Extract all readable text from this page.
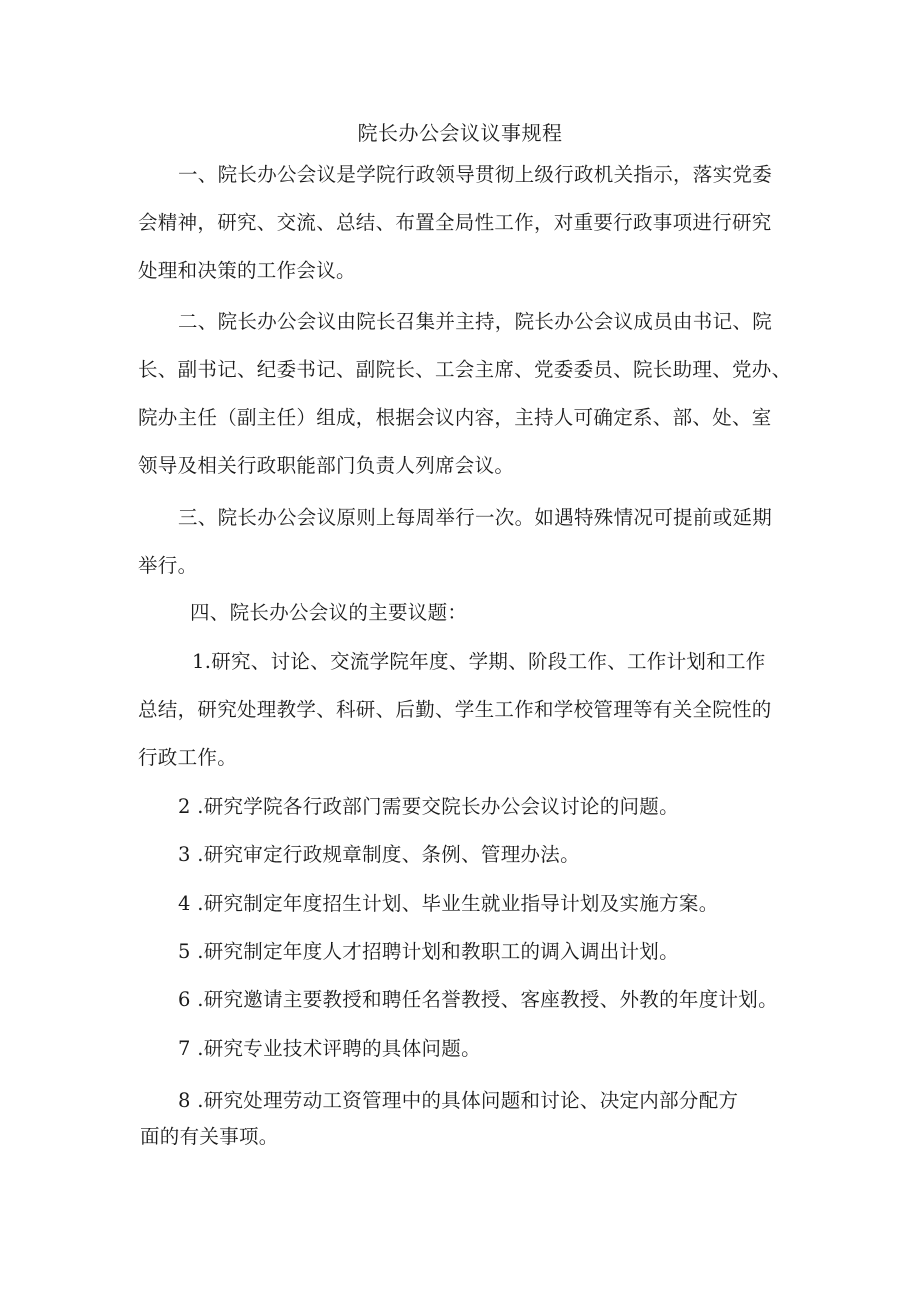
院长办公会议议事规程

一、院长办公会议是学院行政领导贯彻上级行政机关指示，落实党委
会精神，研究、交流、总结、布置全局性工作，对重要行政事项进行研究
处理和决策的工作会议。

二、院长办公会议由院长召集并主持，院长办公会议成员由书记、院
长、副书记、纪委书记、副院长、工会主席、党委委员、院长助理、党办、
院办主任（副主任）组成，根据会议内容，主持人可确定系、部、处、室
领导及相关行政职能部门负责人列席会议。

三、院长办公会议原则上每周举行一次。如遇特殊情况可提前或延期
举行。

四、院长办公会议的主要议题：

1.研究、讨论、交流学院年度、学期、阶段工作、工作计划和工作
总结，研究处理教学、科研、后勤、学生工作和学校管理等有关全院性的
行政工作。

2 .研究学院各行政部门需要交院长办公会议讨论的问题。

3 .研究审定行政规章制度、条例、管理办法。

4 .研究制定年度招生计划、毕业生就业指导计划及实施方案。

5 .研究制定年度人才招聘计划和教职工的调入调出计划。

6 .研究邀请主要教授和聘任名誉教授、客座教授、外教的年度计划。

7 .研究专业技术评聘的具体问题。

8 .研究处理劳动工资管理中的具体问题和讨论、决定内部分配方
面的有关事项。
